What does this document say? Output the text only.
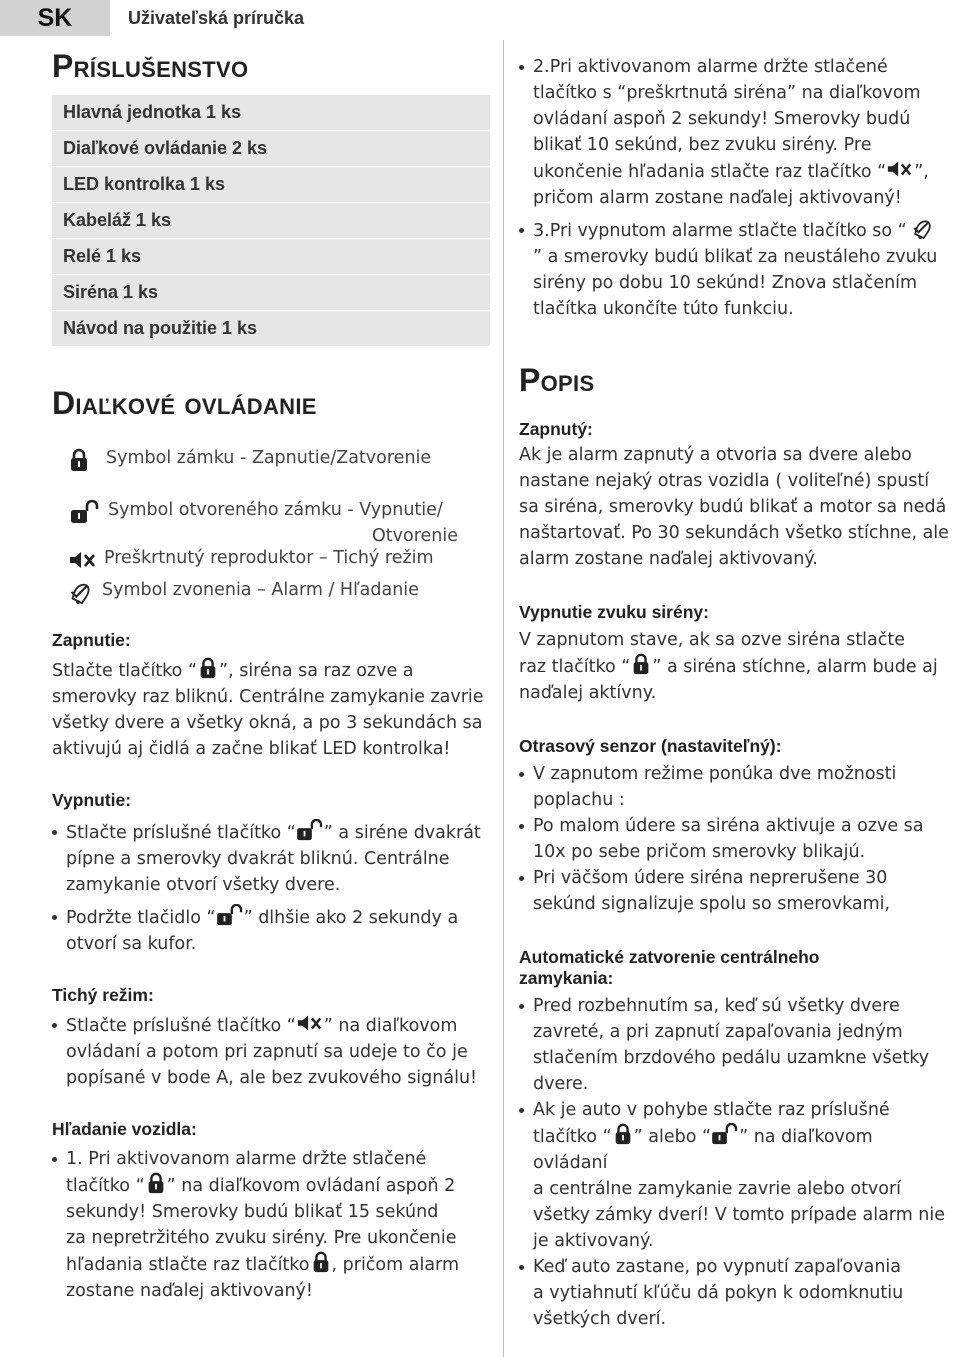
SK	Uživateľská príručka
Príslušenstvo
Hlavná jednotka 1 ks
Diaľkové ovládanie 2 ks
LED kontrolka 1 ks
Kabeláž 1 ks
Relé 1 ks
Siréna 1 ks
Návod na použitie 1 ks
Diaľkové ovládanie
Symbol zámku - Zapnutie/Zatvorenie
Symbol otvoreného zámku - Vypnutie/
Otvorenie
Preškrtnutý reproduktor – Tichý režim
Symbol zvonenia – Alarm / Hľadanie
Zapnutie:

Stlačte tlačítko “ ”, siréna sa raz ozve a
smerovky raz bliknú. Centrálne zamykanie zavrie
všetky dvere a všetky okná, a po 3 sekundách sa
aktivujú aj čidlá a začne blikať LED kontrolka!

Vypnutie:
Stlačte príslušné tlačítko “ ” a siréne dvakrát
pípne a smerovky dvakrát bliknú. Centrálne
zamykanie otvorí všetky dvere.
Podržte tlačidlo “ ” dlhšie ako 2 sekundy a
otvorí sa kufor.
Tichý režim:
Stlačte príslušné tlačítko “ ” na diaľkovom
ovládaní a potom pri zapnutí sa udeje to čo je
popísané v bode A, ale bez zvukového signálu!
Hľadanie vozidla:
1. Pri aktivovanom alarme držte stlačené
tlačítko “ ” na diaľkovom ovládaní aspoň 2
sekundy! Smerovky budú blikať 15 sekúnd
za nepretržitého zvuku sirény. Pre ukončenie
hľadania stlačte raz tlačítko , pričom alarm
zostane naďalej aktivovaný!
2.Pri aktivovanom alarme držte stlačené
tlačítko s “preškrtnutá siréna” na diaľkovom
ovládaní aspoň 2 sekundy! Smerovky budú
blikať 10 sekúnd, bez zvuku sirény. Pre
ukončenie hľadania stlačte raz tlačítko “ ”,
pričom alarm zostane naďalej aktivovaný!
3.Pri vypnutom alarme stlačte tlačítko so “
” a smerovky budú blikať za neustáleho zvuku
sirény po dobu 10 sekúnd! Znova stlačením
tlačítka ukončíte túto funkciu.
Popis
Zapnutý:

Ak je alarm zapnutý a otvoria sa dvere alebo
nastane nejaký otras vozidla ( voliteľné) spustí
sa siréna, smerovky budú blikať a motor sa nedá
naštartovať. Po 30 sekundách všetko stíchne, ale
alarm zostane naďalej aktivovaný.

Vypnutie zvuku sirény:

V zapnutom stave, ak sa ozve siréna stlačte
raz tlačítko “ ” a siréna stíchne, alarm bude aj
naďalej aktívny.

Otrasový senzor (nastaviteľný):
V zapnutom režime ponúka dve možnosti
poplachu :
Po malom údere sa siréna aktivuje a ozve sa
10x po sebe pričom smerovky blikajú.
Pri väčšom údere siréna neprerušene 30
sekúnd signalizuje spolu so smerovkami,
Automatické zatvorenie centrálneho
zamykania:
Pred rozbehnutím sa, keď sú všetky dvere
zavreté, a pri zapnutí zapaľovania jedným
stlačením brzdového pedálu uzamkne všetky
dvere.
Ak je auto v pohybe stlačte raz príslušné
tlačítko “ ” alebo “ ” na diaľkovom ovládaní
a centrálne zamykanie zavrie alebo otvorí
všetky zámky dverí! V tomto prípade alarm nie
je aktivovaný.
Keď auto zastane, po vypnutí zapaľovania
a vytiahnutí kľúču dá pokyn k odomknutiu
všetkých dverí.
